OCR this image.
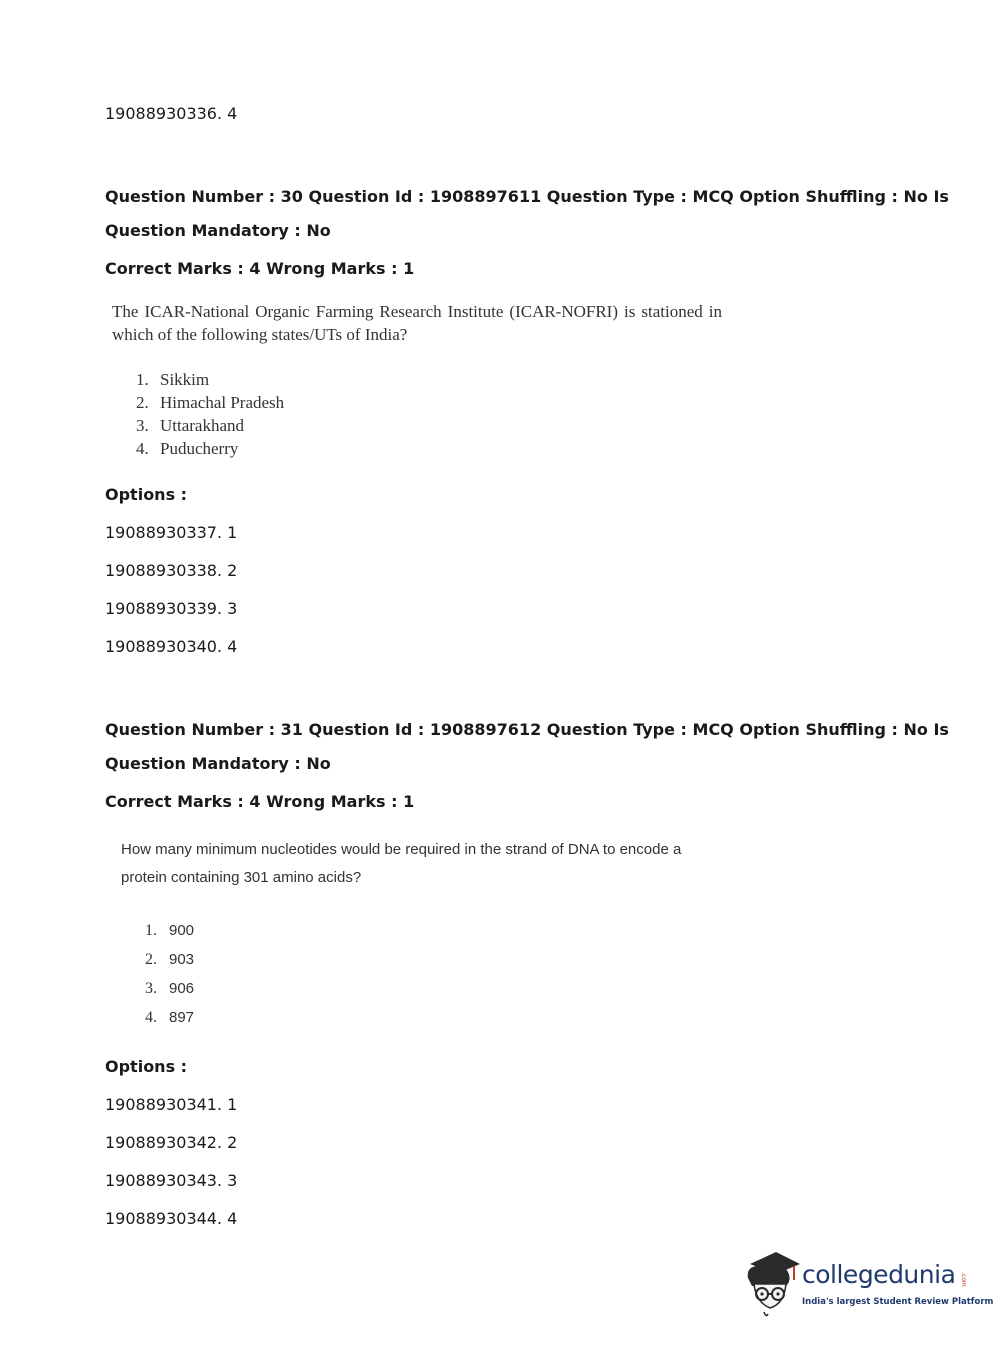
19088930336. 4
Question Number : 30 Question Id : 1908897611 Question Type : MCQ Option Shuffling : No Is
Question Mandatory : No
Correct Marks : 4 Wrong Marks : 1
The ICAR-National Organic Farming Research Institute (ICAR-NOFRI) is stationed in
which of the following states/UTs of India?
1. Sikkim
2. Himachal Pradesh
3. Uttarakhand
4. Puducherry
Options :
19088930337. 1
19088930338. 2
19088930339. 3
19088930340. 4
Question Number : 31 Question Id : 1908897612 Question Type : MCQ Option Shuffling : No Is
Question Mandatory : No
Correct Marks : 4 Wrong Marks : 1
How many minimum nucleotides would be required in the strand of DNA to encode a
protein containing 301 amino acids?
1. 900
2. 903
3. 906
4. 897
Options :
19088930341. 1
19088930342. 2
19088930343. 3
19088930344. 4
collegedunia .com
India's largest Student Review Platform
